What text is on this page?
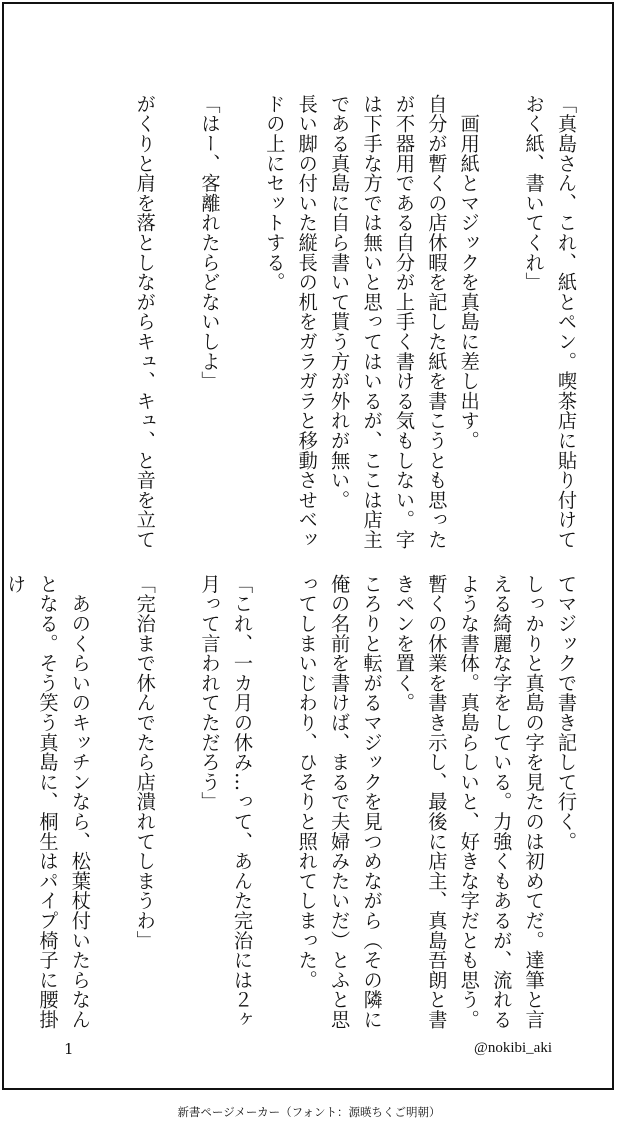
「真島さん、これ、紙とペン。喫茶店に貼り付けておく紙、書いてくれ」

　画用紙とマジックを真島に差し出す。
自分が暫くの店休暇を記した紙を書こうとも思ったが不器用である自分が上手く書ける気もしない。字は下手な方では無いと思ってはいるが、ここは店主である真島に自ら書いて貰う方が外れが無い。
長い脚の付いた縦長の机をガラガラと移動させベッドの上にセットする。

「はー、客離れたらどないしよ」

がくりと肩を落としながらキュ、キュ、と音を立て
てマジックで書き記して行く。
しっかりと真島の字を見たのは初めてだ。達筆と言える綺麗な字をしている。力強くもあるが、流れるような書体。真島らしいと、好きな字だとも思う。暫くの休業を書き示し、最後に店主、真島吾朗と書きペンを置く。
ころりと転がるマジックを見つめながら（その隣に俺の名前を書けば、まるで夫婦みたいだ）とふと思ってしまいじわり、ひそりと照れてしまった。

「これ、一カ月の休み…って、あんた完治には２ヶ月って言われてただろう」

「完治まで休んでたら店潰れてしまうわ」

　あのくらいのキッチンなら、松葉杖付いたらなんとなる。そう笑う真島に、桐生はパイプ椅子に腰掛け
1	@nokibi_aki
新書ページメーカー（フォント：源暎ちくご明朝）
